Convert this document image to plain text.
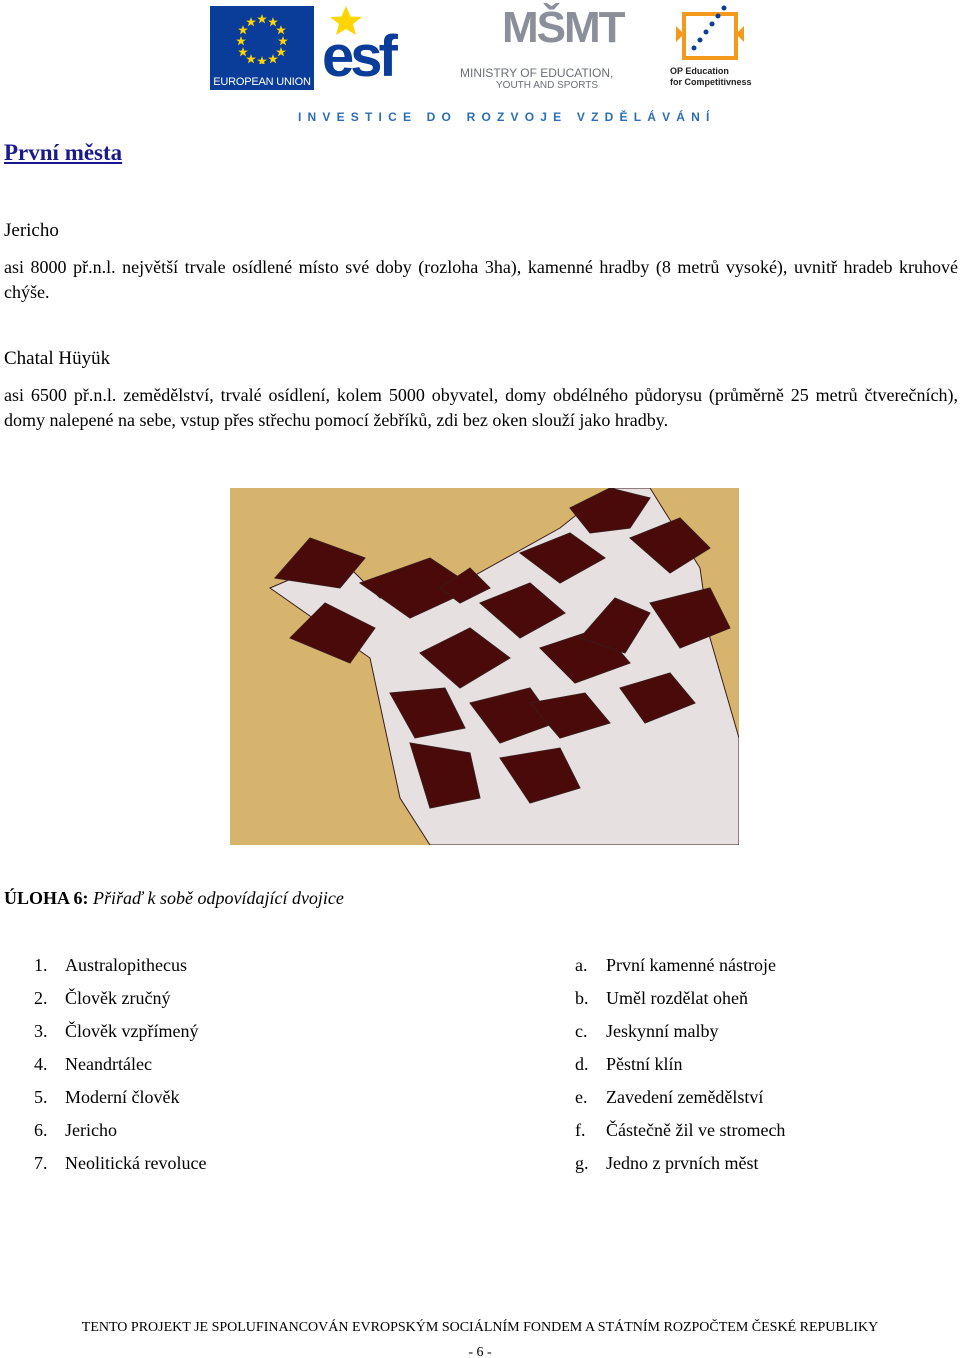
EUROPEAN UNION esf MŠMT
MINISTRY OF EDUCATION,
YOUTH AND SPORTS
OP Education
for Competitivness
INVESTICE DO ROZVOJE VZDĚLÁVÁNÍ
První města
Jericho
asi 8000 př.n.l. největší trvale osídlené místo své doby (rozloha 3ha), kamenné hradby (8 metrů vysoké), uvnitř hradeb kruhové chýše.
Chatal Hüyük
asi 6500 př.n.l. zemědělství, trvalé osídlení, kolem 5000 obyvatel, domy obdélného půdorysu (průměrně 25 metrů čtverečních), domy nalepené na sebe, vstup přes střechu pomocí žebříků, zdi bez oken slouží jako hradby.
ÚLOHA 6: Přiřaď k sobě odpovídající dvojice
1. Australopithecus
2. Člověk zručný
3. Člověk vzpřímený
4. Neandrtálec
5. Moderní člověk
6. Jericho
7. Neolitická revoluce
a.	První kamenné nástroje
b. Uměl rozdělat oheň
c.	Jeskynní malby
d. Pěstní klín
e.	Zavedení zemědělství
f.	Částečně žil ve stromech
g. Jedno z prvních měst
TENTO PROJEKT JE SPOLUFINANCOVÁN EVROPSKÝM SOCIÁLNÍM FONDEM A STÁTNÍM ROZPOČTEM ČESKÉ REPUBLIKY
- 6 -
